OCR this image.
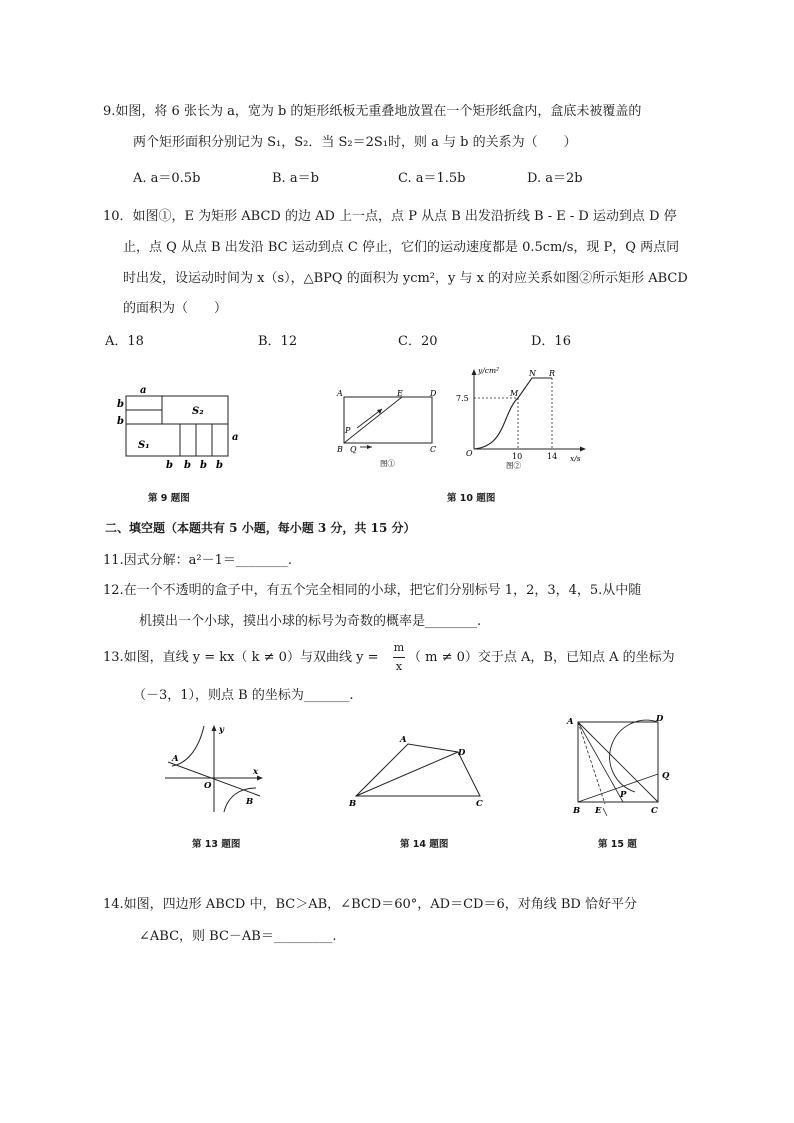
9.如图，将 6 张长为 a，宽为 b 的矩形纸板无重叠地放置在一个矩形纸盒内，盒底未被覆盖的
两个矩形面积分别记为 S₁，S₂．当 S₂＝2S₁时，则 a 与 b 的关系为（　　）
A. a＝0.5b	B. a＝b	C. a＝1.5b	D. a＝2b
10．如图①，E 为矩形 ABCD 的边 AD 上一点，点 P 从点 B 出发沿折线 B - E - D 运动到点 D 停
止，点 Q 从点 B 出发沿 BC 运动到点 C 停止，它们的运动速度都是 0.5cm/s，现 P，Q 两点同
时出发，设运动时间为 x（s），△BPQ 的面积为 ycm²，y 与 x 的对应关系如图②所示矩形 ABCD
的面积为（　　）
A．18	B．12	C．20	D．16
a
b
b
a
S₂
S₁
b b b b
第 9 题图
A	E	D
P
B Q	C
图①
y/cm²
x/s
O
7.5
10	14
M
N R
图②
第 10 题图
二、填空题（本题共有 5 小题，每小题 3 分，共 15 分）
11.因式分解：a²－1＝________.
12.在一个不透明的盒子中，有五个完全相同的小球，把它们分别标号 1，2，3，4，5.从中随
机摸出一个小球，摸出小球的标号为奇数的概率是________.
13.如图，直线 y = kx（ k ≠ 0）与双曲线 y =
m
x
（ m ≠ 0）交于点 A，B，已知点 A 的坐标为
（－3，1），则点 B 的坐标为_______.
y
x
O
A
B
第 13 题图
A
D
B	C
第 14 题图
A	D
Q
P
B E	C
第 15 题
14.如图，四边形 ABCD 中，BC＞AB，∠BCD＝60°，AD＝CD＝6，对角线 BD 恰好平分
∠ABC，则 BC－AB＝_________.
